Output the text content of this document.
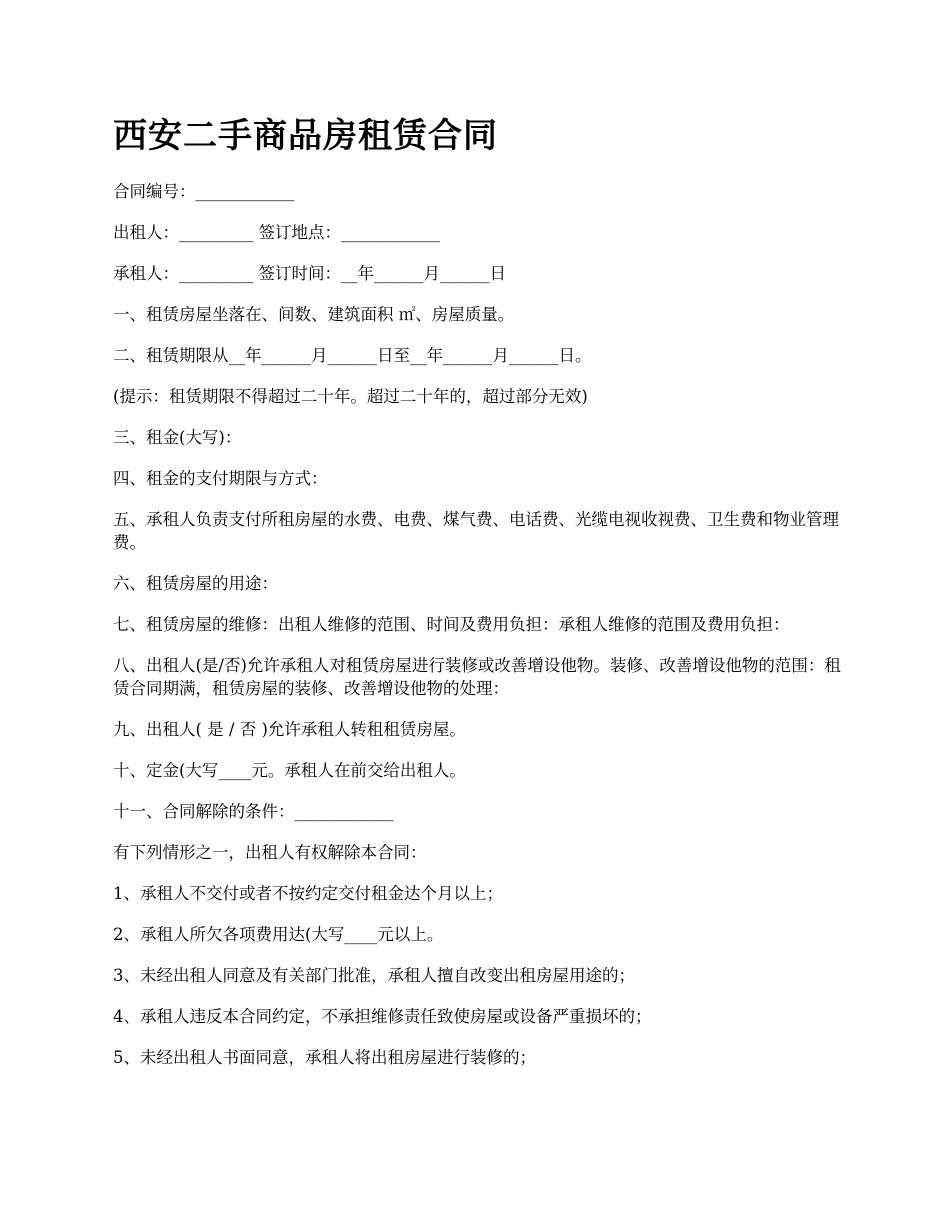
西安二手商品房租赁合同

合同编号：____________

出租人：_________ 签订地点：____________

承租人：_________ 签订时间：__年______月______日

一、租赁房屋坐落在、间数、建筑面积 ㎡、房屋质量。

二、租赁期限从__年______月______日至__年______月______日。

(提示：租赁期限不得超过二十年。超过二十年的，超过部分无效)

三、租金(大写)：

四、租金的支付期限与方式：

五、承租人负责支付所租房屋的水费、电费、煤气费、电话费、光缆电视收视费、卫生费和物业管理费。

六、租赁房屋的用途：

七、租赁房屋的维修：出租人维修的范围、时间及费用负担：承租人维修的范围及费用负担：

八、出租人(是/否)允许承租人对租赁房屋进行装修或改善增设他物。装修、改善增设他物的范围：租赁合同期满，租赁房屋的装修、改善增设他物的处理：

九、出租人( 是 / 否 )允许承租人转租租赁房屋。

十、定金(大写____元。承租人在前交给出租人。

十一、合同解除的条件：____________

有下列情形之一，出租人有权解除本合同：

1、承租人不交付或者不按约定交付租金达个月以上；

2、承租人所欠各项费用达(大写____元以上。

3、未经出租人同意及有关部门批准，承租人擅自改变出租房屋用途的；

4、承租人违反本合同约定，不承担维修责任致使房屋或设备严重损坏的；

5、未经出租人书面同意，承租人将出租房屋进行装修的；
